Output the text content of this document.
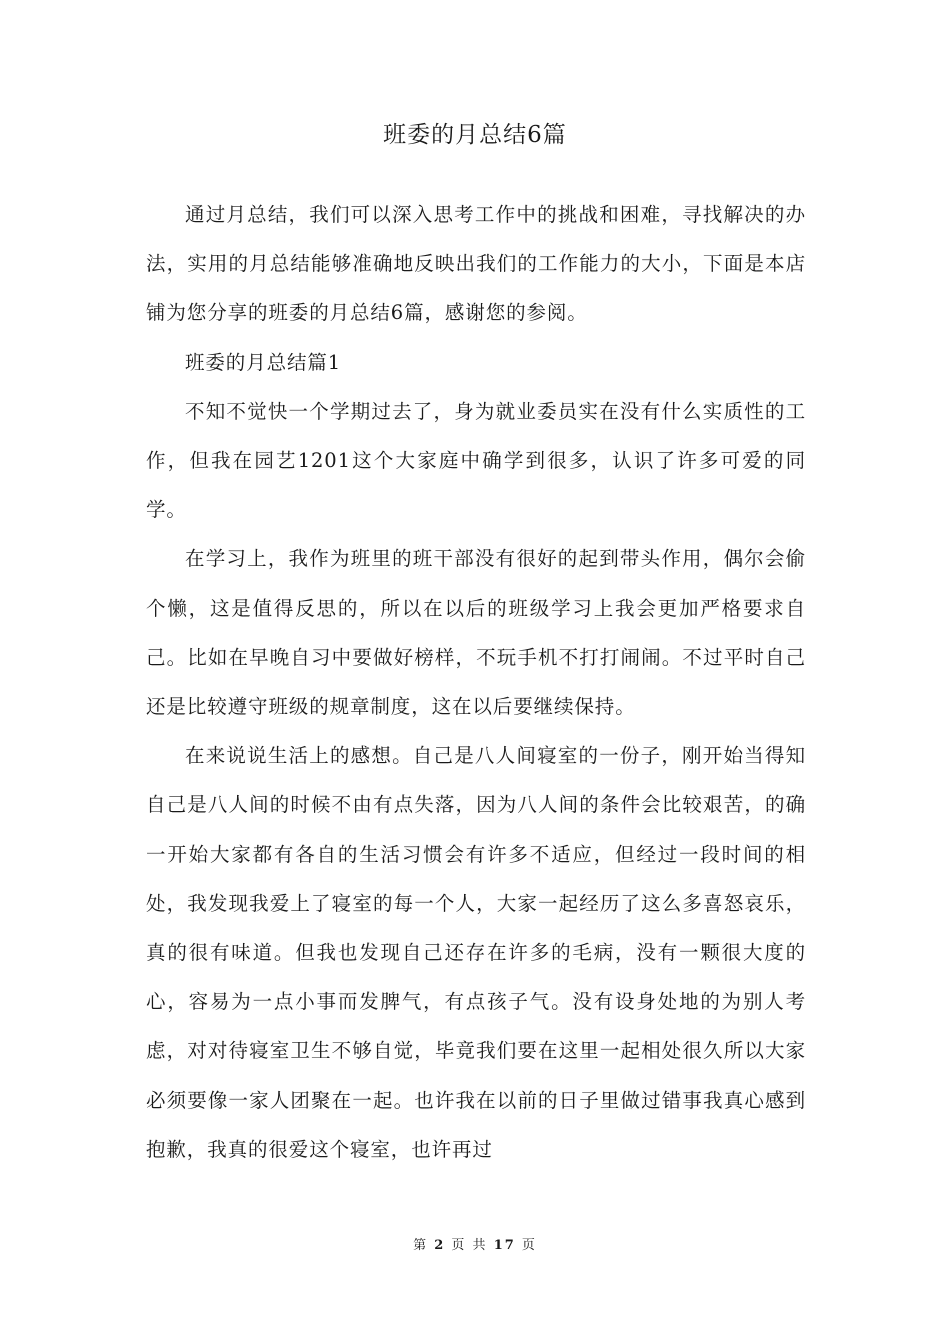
班委的月总结6篇

通过月总结，我们可以深入思考工作中的挑战和困难，寻找解决的办法，实用的月总结能够准确地反映出我们的工作能力的大小，下面是本店铺为您分享的班委的月总结6篇，感谢您的参阅。

班委的月总结篇1

不知不觉快一个学期过去了，身为就业委员实在没有什么实质性的工作，但我在园艺1201这个大家庭中确学到很多，认识了许多可爱的同学。

在学习上，我作为班里的班干部没有很好的起到带头作用，偶尔会偷个懒，这是值得反思的，所以在以后的班级学习上我会更加严格要求自己。比如在早晚自习中要做好榜样，不玩手机不打打闹闹。不过平时自己还是比较遵守班级的规章制度，这在以后要继续保持。

在来说说生活上的感想。自己是八人间寝室的一份子，刚开始当得知自己是八人间的时候不由有点失落，因为八人间的条件会比较艰苦，的确一开始大家都有各自的生活习惯会有许多不适应，但经过一段时间的相处，我发现我爱上了寝室的每一个人，大家一起经历了这么多喜怒哀乐，真的很有味道。但我也发现自己还存在许多的毛病，没有一颗很大度的心，容易为一点小事而发脾气，有点孩子气。没有设身处地的为别人考虑，对对待寝室卫生不够自觉，毕竟我们要在这里一起相处很久所以大家必须要像一家人团聚在一起。也许我在以前的日子里做过错事我真心感到抱歉，我真的很爱这个寝室，也许再过

第 2 页 共 17 页
